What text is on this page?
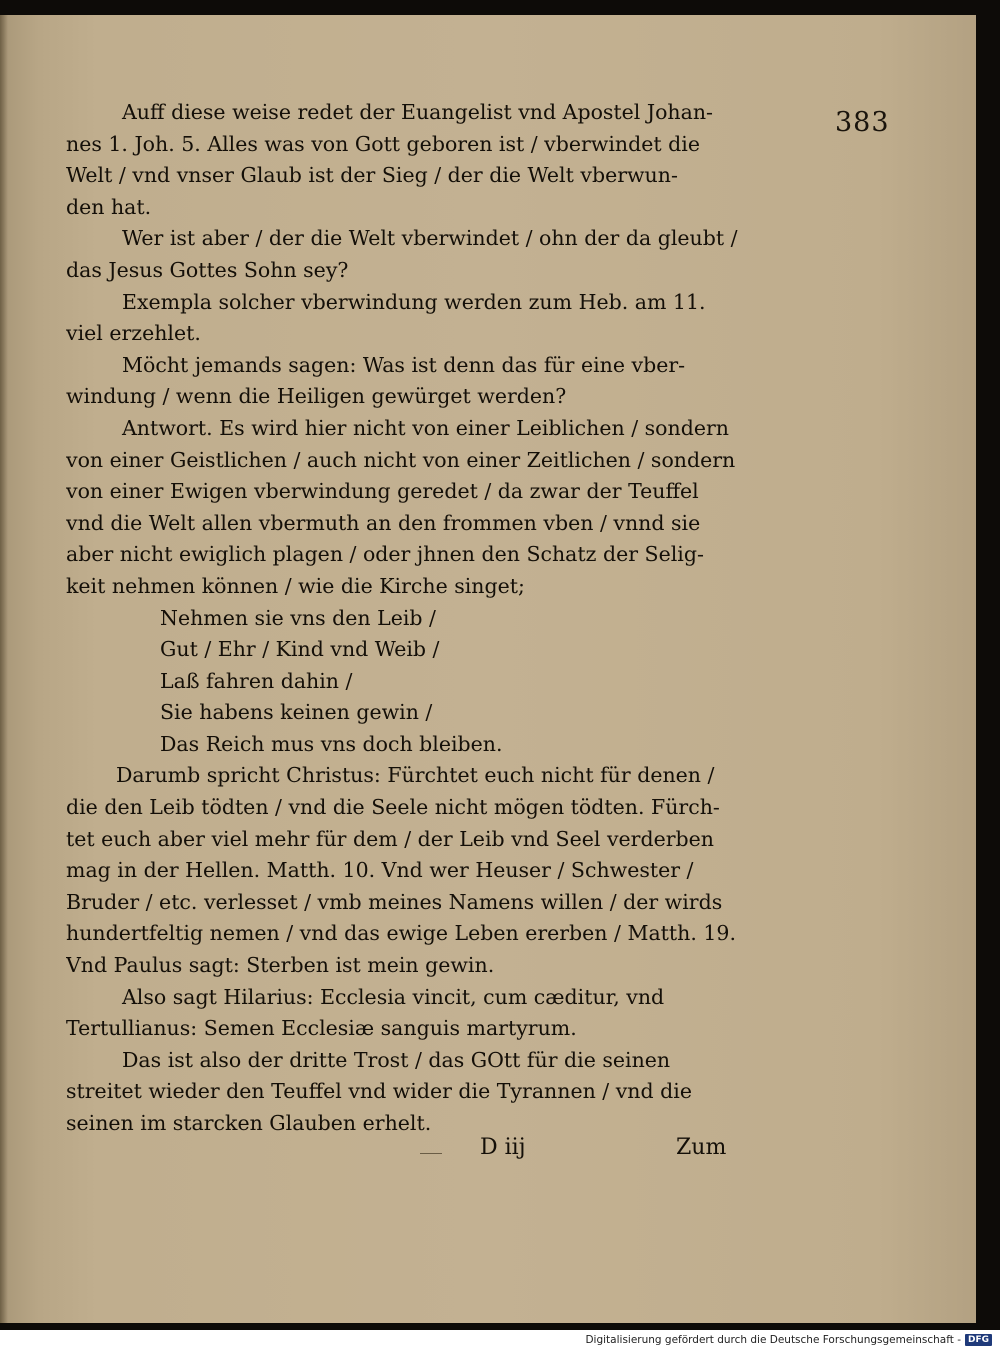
383
Auff diese weise redet der Euangelist vnd Apostel Johan-
nes 1. Joh. 5. Alles was von Gott geboren ist / vberwindet die
Welt / vnd vnser Glaub ist der Sieg / der die Welt vberwun-
den hat.
Wer ist aber / der die Welt vberwindet / ohn der da gleubt /
das Jesus Gottes Sohn sey?
Exempla solcher vberwindung werden zum Heb. am 11.
viel erzehlet.
Möcht jemands sagen: Was ist denn das für eine vber-
windung / wenn die Heiligen gewürget werden?
Antwort. Es wird hier nicht von einer Leiblichen / sondern
von einer Geistlichen / auch nicht von einer Zeitlichen / sondern
von einer Ewigen vberwindung geredet / da zwar der Teuffel
vnd die Welt allen vbermuth an den frommen vben / vnnd sie
aber nicht ewiglich plagen / oder jhnen den Schatz der Selig-
keit nehmen können / wie die Kirche singet;
Nehmen sie vns den Leib /
Gut / Ehr / Kind vnd Weib /
Laß fahren dahin /
Sie habens keinen gewin /
Das Reich mus vns doch bleiben.
Darumb spricht Christus: Fürchtet euch nicht für denen /
die den Leib tödten / vnd die Seele nicht mögen tödten. Fürch-
tet euch aber viel mehr für dem / der Leib vnd Seel verderben
mag in der Hellen. Matth. 10. Vnd wer Heuser / Schwester /
Bruder / etc. verlesset / vmb meines Namens willen / der wirds
hundertfeltig nemen / vnd das ewige Leben ererben / Matth. 19.
Vnd Paulus sagt: Sterben ist mein gewin.
Also sagt Hilarius: Ecclesia vincit, cum cæditur, vnd
Tertullianus: Semen Ecclesiæ sanguis martyrum.
Das ist also der dritte Trost / das GOtt für die seinen
streitet wieder den Teuffel vnd wider die Tyrannen / vnd die
seinen im starcken Glauben erhelt.
D iij	Zum
Digitalisierung gefördert durch die Deutsche Forschungsgemeinschaft - DFG
